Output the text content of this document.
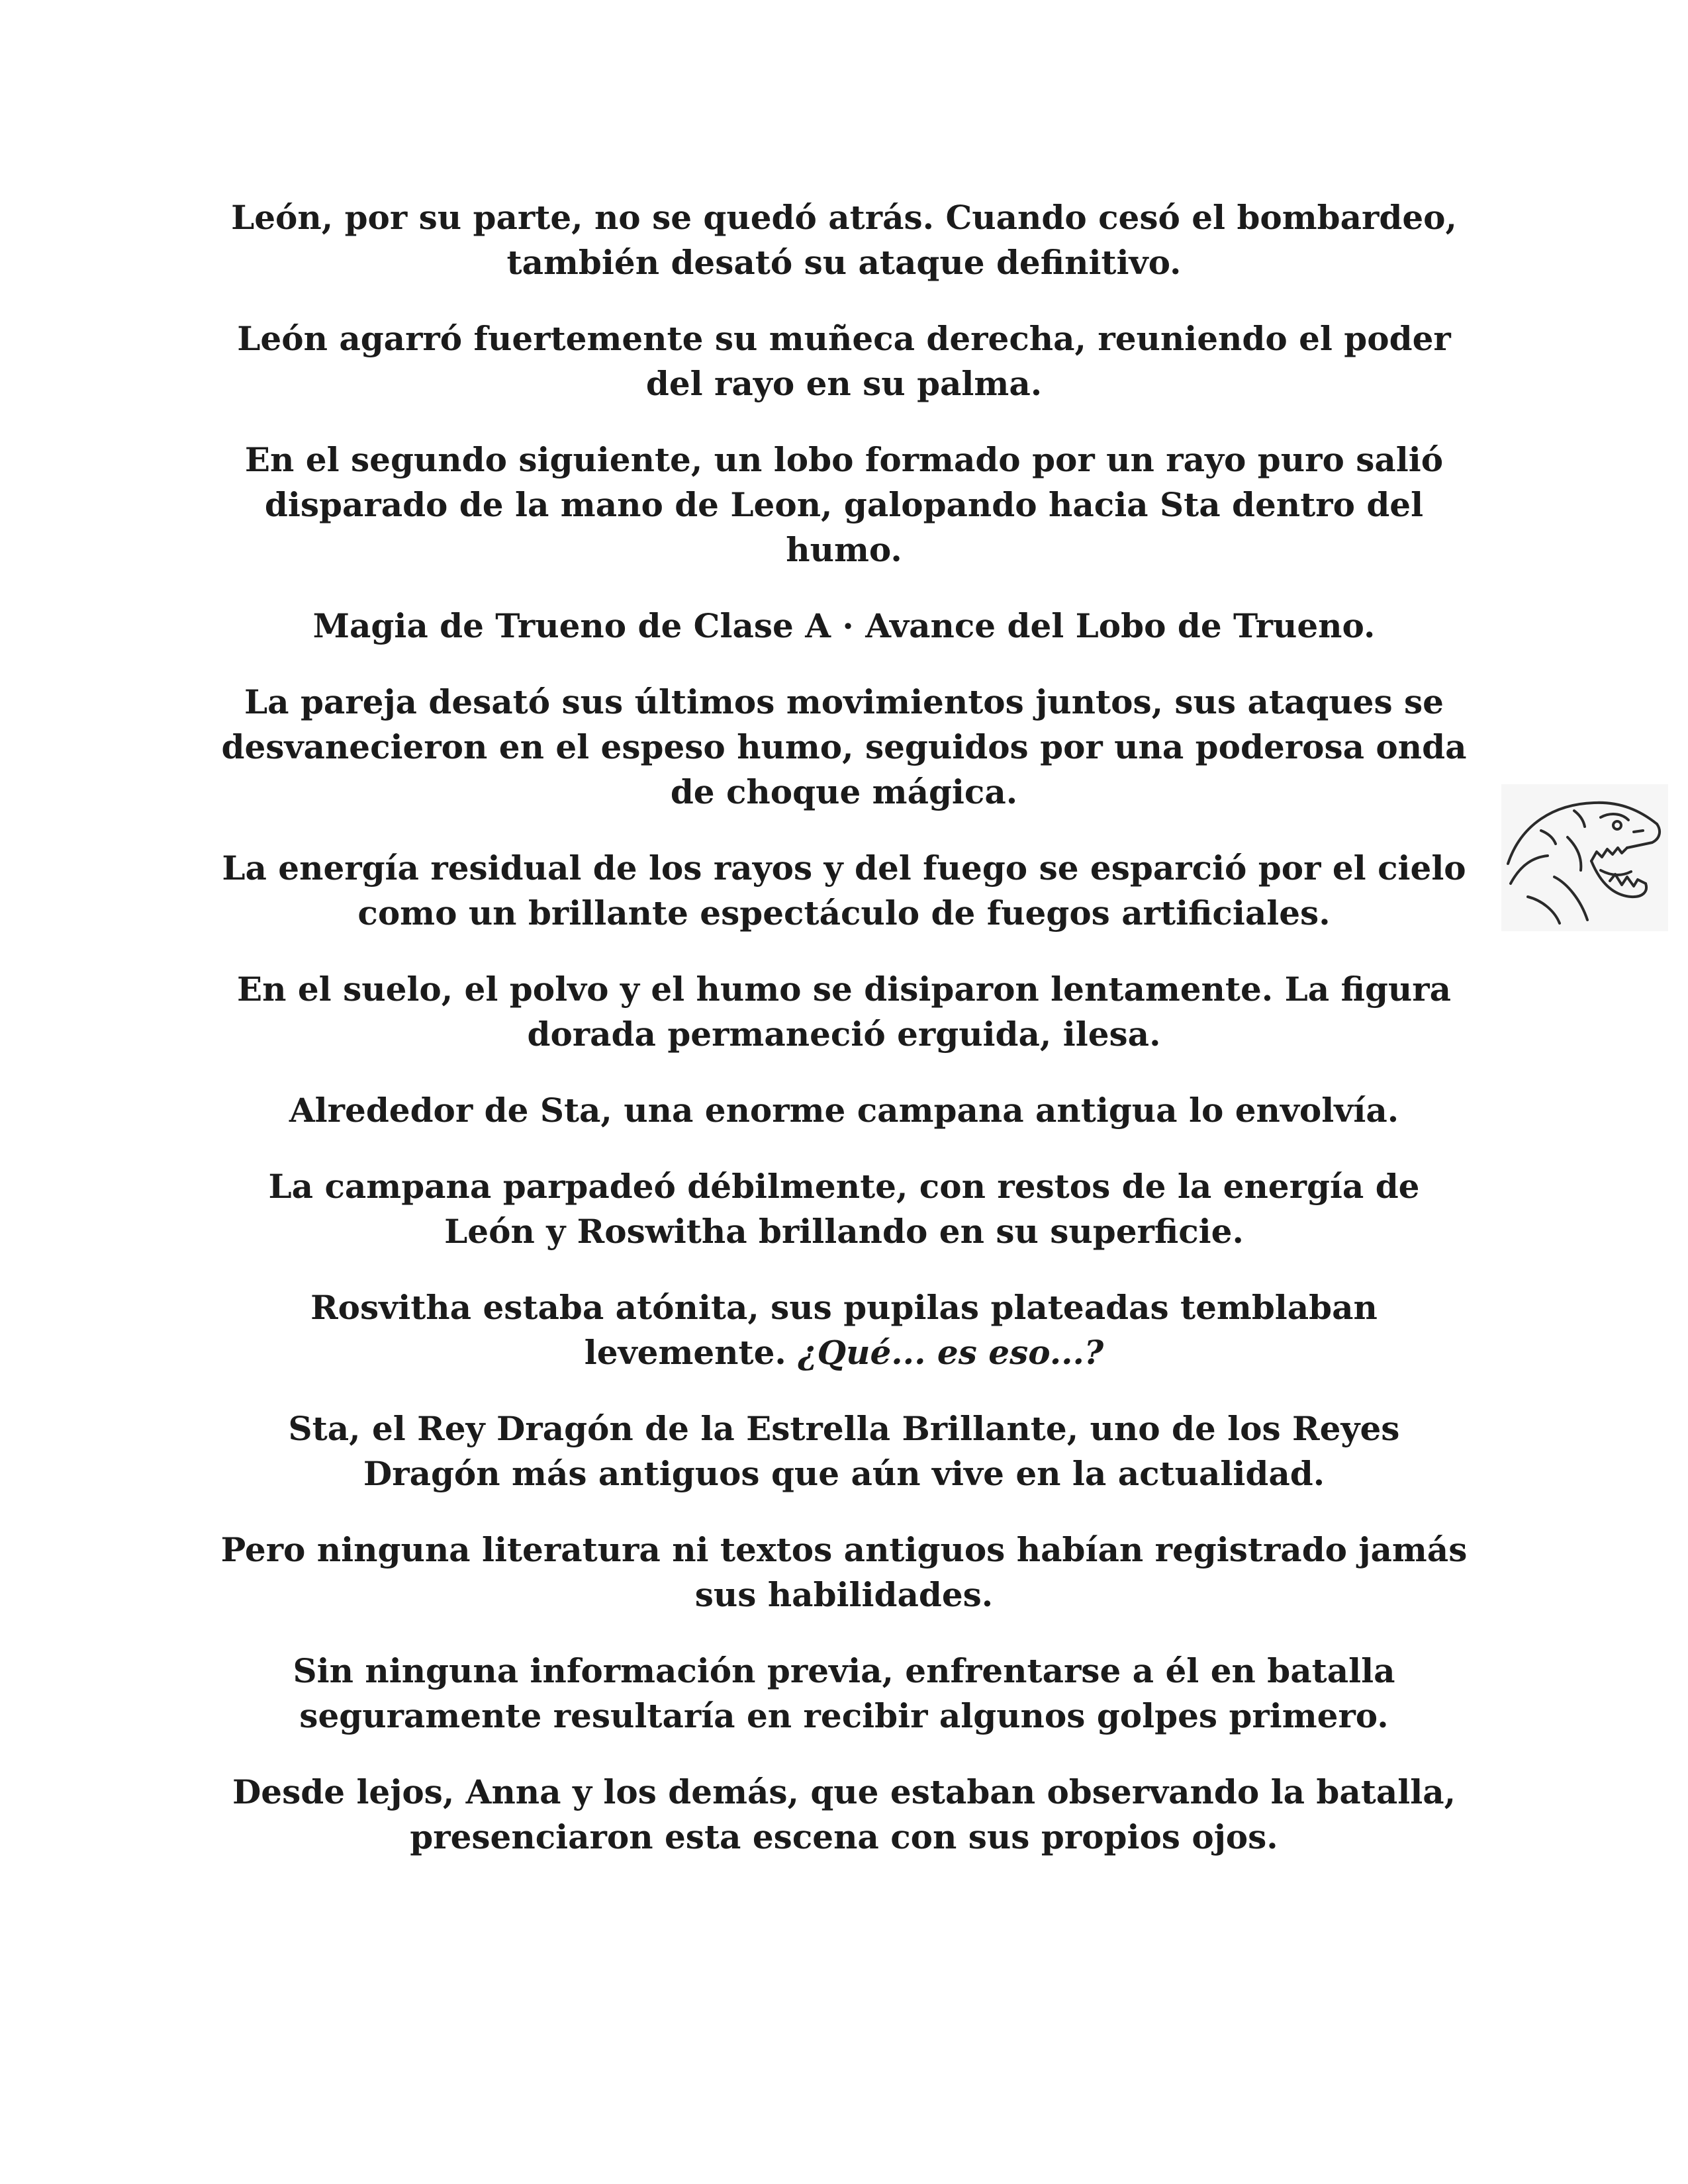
León, por su parte, no se quedó atrás. Cuando cesó el bombardeo, también desató su ataque definitivo.

León agarró fuertemente su muñeca derecha, reuniendo el poder del rayo en su palma.

En el segundo siguiente, un lobo formado por un rayo puro salió disparado de la mano de Leon, galopando hacia Sta dentro del humo.

Magia de Trueno de Clase A · Avance del Lobo de Trueno.

La pareja desató sus últimos movimientos juntos, sus ataques se desvanecieron en el espeso humo, seguidos por una poderosa onda de choque mágica.

La energía residual de los rayos y del fuego se esparció por el cielo como un brillante espectáculo de fuegos artificiales.

En el suelo, el polvo y el humo se disiparon lentamente. La figura dorada permaneció erguida, ilesa.

Alrededor de Sta, una enorme campana antigua lo envolvía.

La campana parpadeó débilmente, con restos de la energía de León y Roswitha brillando en su superficie.

Rosvitha estaba atónita, sus pupilas plateadas temblaban levemente. ¿Qué... es eso...?

Sta, el Rey Dragón de la Estrella Brillante, uno de los Reyes Dragón más antiguos que aún vive en la actualidad.

Pero ninguna literatura ni textos antiguos habían registrado jamás sus habilidades.

Sin ninguna información previa, enfrentarse a él en batalla seguramente resultaría en recibir algunos golpes primero.

Desde lejos, Anna y los demás, que estaban observando la batalla, presenciaron esta escena con sus propios ojos.
